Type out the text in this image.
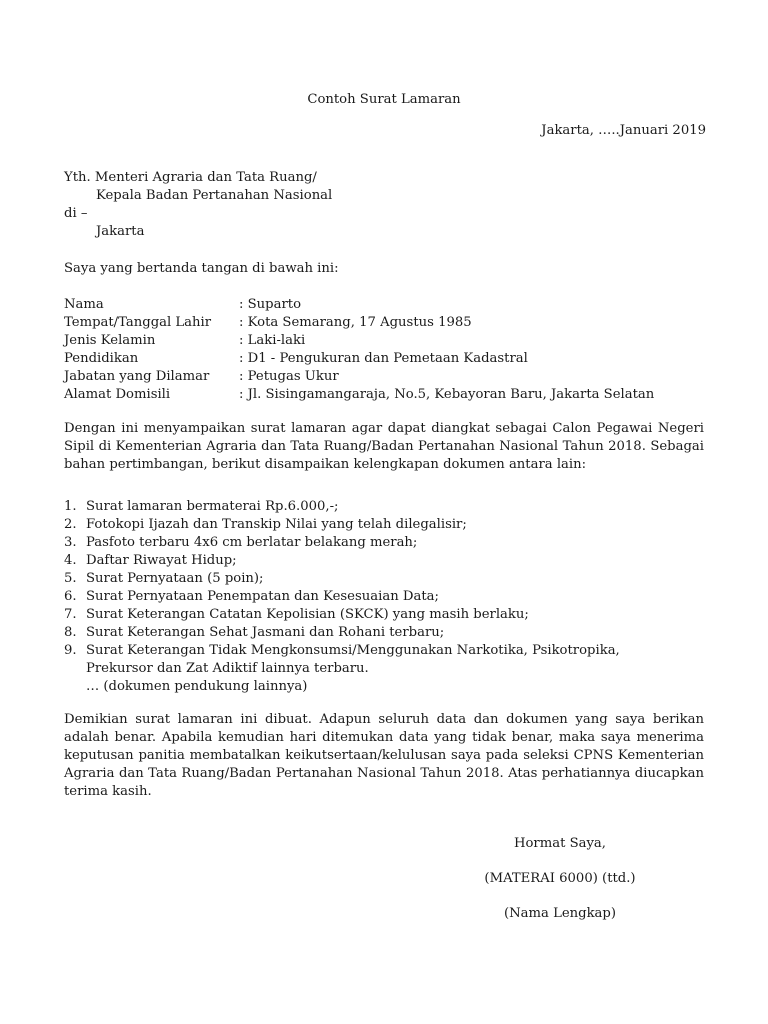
Contoh Surat Lamaran
Jakarta, …..Januari 2019
Yth. Menteri Agraria dan Tata Ruang/
Kepala Badan Pertanahan Nasional
di –
Jakarta
Saya yang bertanda tangan di bawah ini:
Nama	: Suparto
Tempat/Tanggal Lahir	: Kota Semarang, 17 Agustus 1985
Jenis Kelamin	: Laki-laki
Pendidikan	: D1 - Pengukuran dan Pemetaan Kadastral
Jabatan yang Dilamar	: Petugas Ukur
Alamat Domisili	: Jl. Sisingamangaraja, No.5, Kebayoran Baru, Jakarta Selatan
Dengan ini menyampaikan surat lamaran agar dapat diangkat sebagai Calon Pegawai Negeri Sipil di Kementerian Agraria dan Tata Ruang/Badan Pertanahan Nasional Tahun 2018. Sebagai bahan pertimbangan, berikut disampaikan kelengkapan dokumen antara lain:
1. Surat lamaran bermaterai Rp.6.000,-;
2. Fotokopi Ijazah dan Transkip Nilai yang telah dilegalisir;
3. Pasfoto terbaru 4x6 cm berlatar belakang merah;
4. Daftar Riwayat Hidup;
5. Surat Pernyataan (5 poin);
6. Surat Pernyataan Penempatan dan Kesesuaian Data;
7. Surat Keterangan Catatan Kepolisian (SKCK) yang masih berlaku;
8. Surat Keterangan Sehat Jasmani dan Rohani terbaru;
9. Surat Keterangan Tidak Mengkonsumsi/Menggunakan Narkotika, Psikotropika,
Prekursor dan Zat Adiktif lainnya terbaru.
… (dokumen pendukung lainnya)
Demikian surat lamaran ini dibuat. Adapun seluruh data dan dokumen yang saya berikan adalah benar. Apabila kemudian hari ditemukan data yang tidak benar, maka saya menerima keputusan panitia membatalkan keikutsertaan/kelulusan saya pada seleksi CPNS Kementerian Agraria dan Tata Ruang/Badan Pertanahan Nasional Tahun 2018. Atas perhatiannya diucapkan terima kasih.
Hormat Saya,
(MATERAI 6000) (ttd.)
(Nama Lengkap)
